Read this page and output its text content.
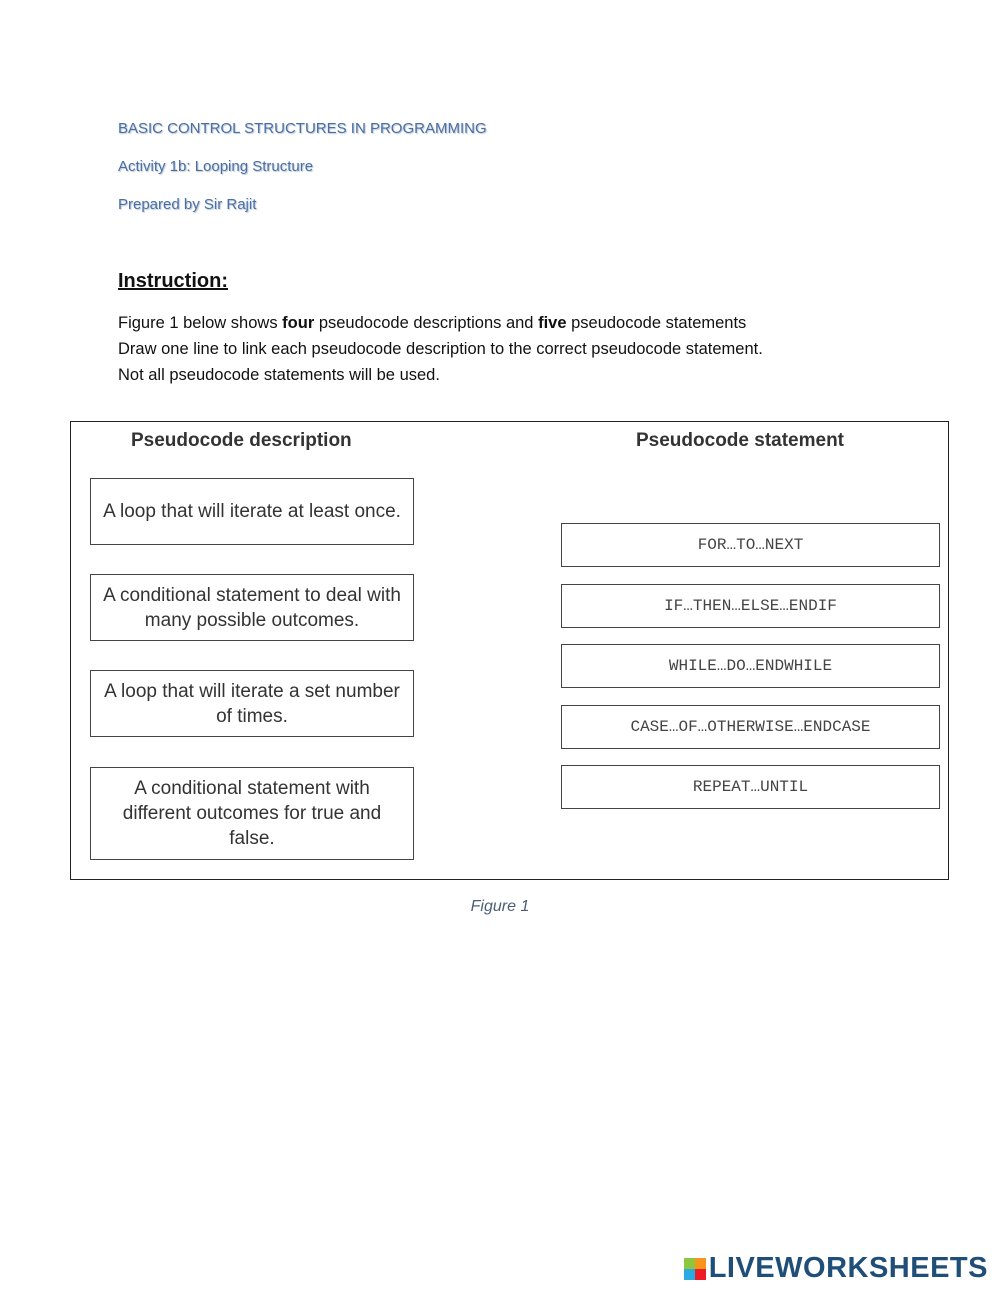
BASIC CONTROL STRUCTURES IN PROGRAMMING
Activity 1b: Looping Structure
Prepared by Sir Rajit
Instruction:
Figure 1 below shows four pseudocode descriptions and five pseudocode statements
Draw one line to link each pseudocode description to the correct pseudocode statement.
Not all pseudocode statements will be used.
Pseudocode description	Pseudocode statement
A loop that will iterate at least once.
A conditional statement to deal with many possible outcomes.
A loop that will iterate a set number of times.
A conditional statement with different outcomes for true and false.
FOR…TO…NEXT
IF…THEN…ELSE…ENDIF
WHILE…DO…ENDWHILE
CASE…OF…OTHERWISE…ENDCASE
REPEAT…UNTIL
Figure 1
LIVEWORKSHEETS
